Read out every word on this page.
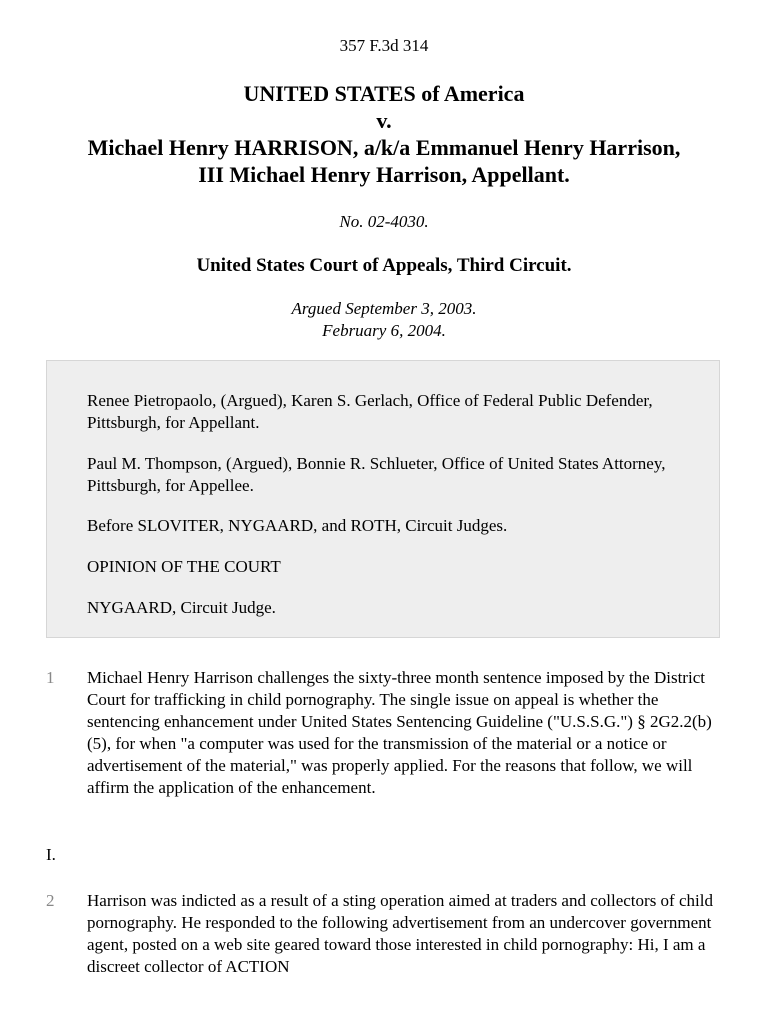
357 F.3d 314
UNITED STATES of America
v.
Michael Henry HARRISON, a/k/a Emmanuel Henry Harrison,
III Michael Henry Harrison, Appellant.
No. 02-4030.
United States Court of Appeals, Third Circuit.
Argued September 3, 2003.
February 6, 2004.

Renee Pietropaolo, (Argued), Karen S. Gerlach, Office of Federal Public Defender, Pittsburgh, for Appellant.

Paul M. Thompson, (Argued), Bonnie R. Schlueter, Office of United States Attorney, Pittsburgh, for Appellee.

Before SLOVITER, NYGAARD, and ROTH, Circuit Judges.

OPINION OF THE COURT

NYGAARD, Circuit Judge.

1 Michael Henry Harrison challenges the sixty-three month sentence imposed by the District Court for trafficking in child pornography. The single issue on appeal is whether the sentencing enhancement under United States Sentencing Guideline ("U.S.S.G.") § 2G2.2(b)(5), for when "a computer was used for the transmission of the material or a notice or advertisement of the material," was properly applied. For the reasons that follow, we will affirm the application of the enhancement.

I.
2 Harrison was indicted as a result of a sting operation aimed at traders and collectors of child pornography. He responded to the following advertisement from an undercover government agent, posted on a web site geared toward those interested in child pornography: Hi, I am a discreet collector of ACTION
